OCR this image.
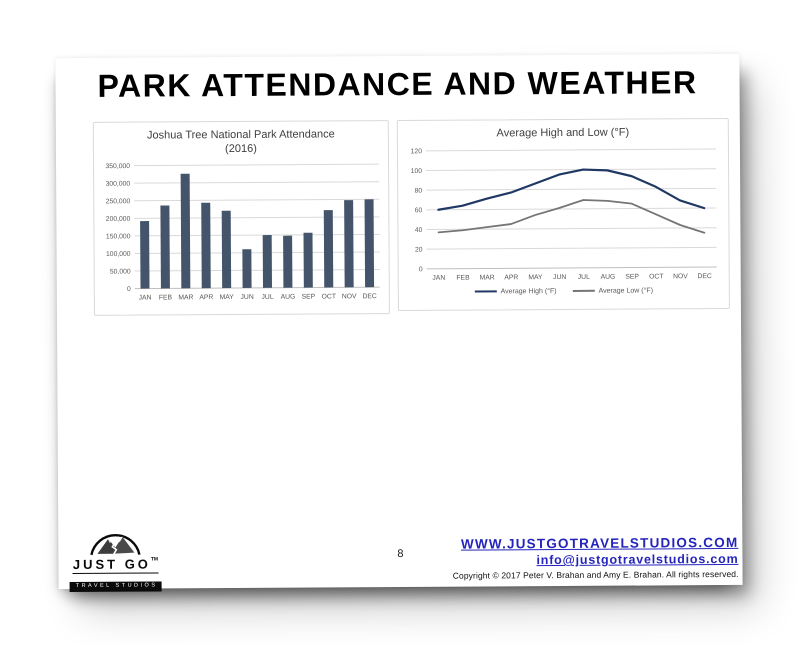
PARK ATTENDANCE AND WEATHER
Joshua Tree National Park Attendance
(2016)
0
50,000
100,000
150,000
200,000
250,000
300,000
350,000
JAN FEB MAR APR MAY JUN JUL AUG SEP OCT NOV DEC
Average High and Low (°F)
0
20
40
60
80
100
120
JAN FEB MAR APR MAY JUN JUL AUG SEP OCT NOV DEC
Average High (°F)	Average Low (°F)
JUST GO™
TRAVEL STUDIOS
8
WWW.JUSTGOTRAVELSTUDIOS.COM
info@justgotravelstudios.com
Copyright © 2017 Peter V. Brahan and Amy E. Brahan. All rights reserved.
